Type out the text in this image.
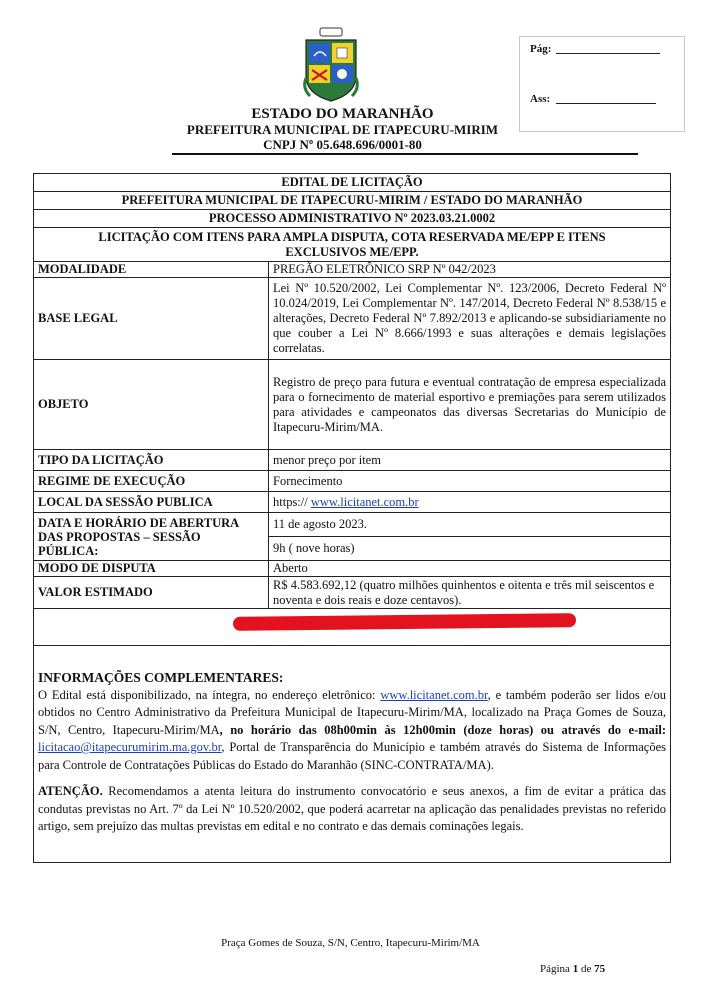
Pág:
Ass:
ESTADO DO MARANHÃO
PREFEITURA MUNICIPAL DE ITAPECURU-MIRIM
CNPJ Nº 05.648.696/0001-80
EDITAL DE LICITAÇÃO	
PREFEITURA MUNICIPAL DE ITAPECURU-MIRIM / ESTADO DO MARANHÃO	
PROCESSO ADMINISTRATIVO Nº 2023.03.21.0002	

LICITAÇÃO COM ITENS PARA AMPLA DISPUTA, COTA RESERVADA ME/EPP E ITENS
EXCLUSIVOS ME/EPP.	

MODALIDADE	PREGÃO ELETRÔNICO SRP Nº 042/2023
BASE LEGAL	Lei Nº 10.520/2002, Lei Complementar Nº. 123/2006, Decreto Federal Nº 10.024/2019, Lei Complementar Nº. 147/2014, Decreto Federal Nº 8.538/15 e alterações, Decreto Federal Nº 7.892/2013 e aplicando-se subsidiariamente no que couber a Lei Nº 8.666/1993 e suas alterações e demais legislações correlatas.
OBJETO	Registro de preço para futura e eventual contratação de empresa especializada para o fornecimento de material esportivo e premiações para serem utilizados para atividades e campeonatos das diversas Secretarias do Município de Itapecuru-Mirim/MA.
TIPO DA LICITAÇÃO	menor preço por item
REGIME DE EXECUÇÃO	Fornecimento
LOCAL DA SESSÃO PUBLICA	https:// www.licitanet.com.br
DATA E HORÁRIO DE ABERTURA DAS PROPOSTAS – SESSÃO PÚBLICA:	11 de agosto 2023.
	9h ( nove horas)
MODO DE DISPUTA	Aberto
VALOR ESTIMADO	R$ 4.583.692,12 (quatro milhões quinhentos e oitenta e três mil seiscentos e noventa e dois reais e doze centavos).

INFORMAÇÕES COMPLEMENTARES:
O Edital está disponibilizado, na íntegra, no endereço eletrônico: www.licitanet.com.br, e também poderão ser lidos e/ou obtidos no Centro Administrativo da Prefeitura Municipal de Itapecuru-Mirim/MA, localizado na Praça Gomes de Souza, S/N, Centro, Itapecuru-Mirim/MA, no horário das 08h00min às 12h00min (doze horas) ou através do e-mail: licitacao@itapecurumirim.ma.gov.br, Portal de Transparência do Município e também através do Sistema de Informações para Controle de Contratações Públicas do Estado do Maranhão (SINC-CONTRATA/MA).
ATENÇÃO. Recomendamos a atenta leitura do instrumento convocatório e seus anexos, a fim de evitar a prática das condutas previstas no Art. 7º da Lei Nº 10.520/2002, que poderá acarretar na aplicação das penalidades previstas no referido artigo, sem prejuízo das multas previstas em edital e no contrato e das demais cominações legais.
Praça Gomes de Souza, S/N, Centro, Itapecuru-Mirim/MA
Página 1 de 75
